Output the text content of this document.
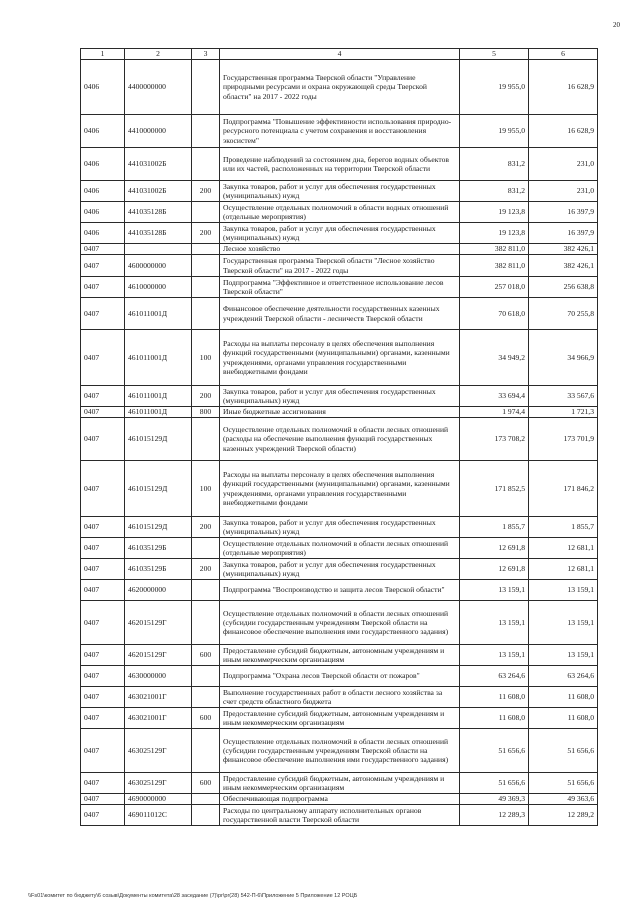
20
1	2	3	4	5	6
0406	4400000000		Государственная программа Тверской области "Управление природными ресурсами и охрана окружающей среды Тверской области" на 2017 - 2022 годы	19 955,0	16 628,9
0406	4410000000		Подпрограмма "Повышение эффективности использования природно-ресурсного потенциала с учетом сохранения и восстановления экосистем"	19 955,0	16 628,9
0406	441031002Б		Проведение наблюдений за состоянием дна, берегов водных объектов или их частей, расположенных на территории Тверской области	831,2	231,0
0406	441031002Б	200	Закупка товаров, работ и услуг для обеспечения государственных (муниципальных) нужд	831,2	231,0
0406	441035128Б		Осуществление отдельных полномочий в области водных отношений (отдельные мероприятия)	19 123,8	16 397,9
0406	441035128Б	200	Закупка товаров, работ и услуг для обеспечения государственных (муниципальных) нужд	19 123,8	16 397,9
0407			Лесное хозяйство	382 811,0	382 426,1
0407	4600000000		Государственная программа Тверской области "Лесное хозяйство Тверской области" на 2017 - 2022 годы	382 811,0	382 426,1
0407	4610000000		Подпрограмма "Эффективное и ответственное использование лесов Тверской области"	257 018,0	256 638,8
0407	461011001Д		Финансовое обеспечение деятельности государственных казенных учреждений Тверской области - лесничеств Тверской области	70 618,0	70 255,8
0407	461011001Д	100	Расходы на выплаты персоналу в целях обеспечения выполнения функций государственными (муниципальными) органами, казенными учреждениями, органами управления государственными внебюджетными фондами	34 949,2	34 966,9
0407	461011001Д	200	Закупка товаров, работ и услуг для обеспечения государственных (муниципальных) нужд	33 694,4	33 567,6
0407	461011001Д	800	Иные бюджетные ассигнования	1 974,4	1 721,3
0407	461015129Д		Осуществление отдельных полномочий в области лесных отношений (расходы на обеспечение выполнения функций государственных казенных учреждений Тверской области)	173 708,2	173 701,9
0407	461015129Д	100	Расходы на выплаты персоналу в целях обеспечения выполнения функций государственными (муниципальными) органами, казенными учреждениями, органами управления государственными внебюджетными фондами	171 852,5	171 846,2
0407	461015129Д	200	Закупка товаров, работ и услуг для обеспечения государственных (муниципальных) нужд	1 855,7	1 855,7
0407	461035129Б		Осуществление отдельных полномочий в области лесных отношений (отдельные мероприятия)	12 691,8	12 681,1
0407	461035129Б	200	Закупка товаров, работ и услуг для обеспечения государственных (муниципальных) нужд	12 691,8	12 681,1
0407	4620000000		Подпрограмма "Воспроизводство и защита лесов Тверской области"	13 159,1	13 159,1
0407	462015129Г		Осуществление отдельных полномочий в области лесных отношений (субсидии государственным учреждениям Тверской области на финансовое обеспечение выполнения ими государственного задания)	13 159,1	13 159,1
0407	462015129Г	600	Предоставление субсидий бюджетным, автономным учреждениям и иным некоммерческим организациям	13 159,1	13 159,1
0407	4630000000		Подпрограмма "Охрана лесов Тверской области от пожаров"	63 264,6	63 264,6
0407	463021001Г		Выполнение государственных работ в области лесного хозяйства за счет средств областного бюджета	11 608,0	11 608,0
0407	463021001Г	600	Предоставление субсидий бюджетным, автономным учреждениям и иным некоммерческим организациям	11 608,0	11 608,0
0407	463025129Г		Осуществление отдельных полномочий в области лесных отношений (субсидии государственным учреждениям Тверской области на финансовое обеспечение выполнения ими государственного задания)	51 656,6	51 656,6
0407	463025129Г	600	Предоставление субсидий бюджетным, автономным учреждениям и иным некоммерческим организациям	51 656,6	51 656,6
0407	4690000000		Обеспечивающая подпрограмма	49 369,3	49 363,6
0407	469011012С		Расходы по центральному аппарату исполнительных органов государственной власти Тверской области	12 289,3	12 289,2
\\Fs01\комитет по бюджету\6 созыв\Документы комитета\28 заседание (7)\pr\pr(28) 542-П-6\Приложение 5 Приложение 12 РОЦБ
